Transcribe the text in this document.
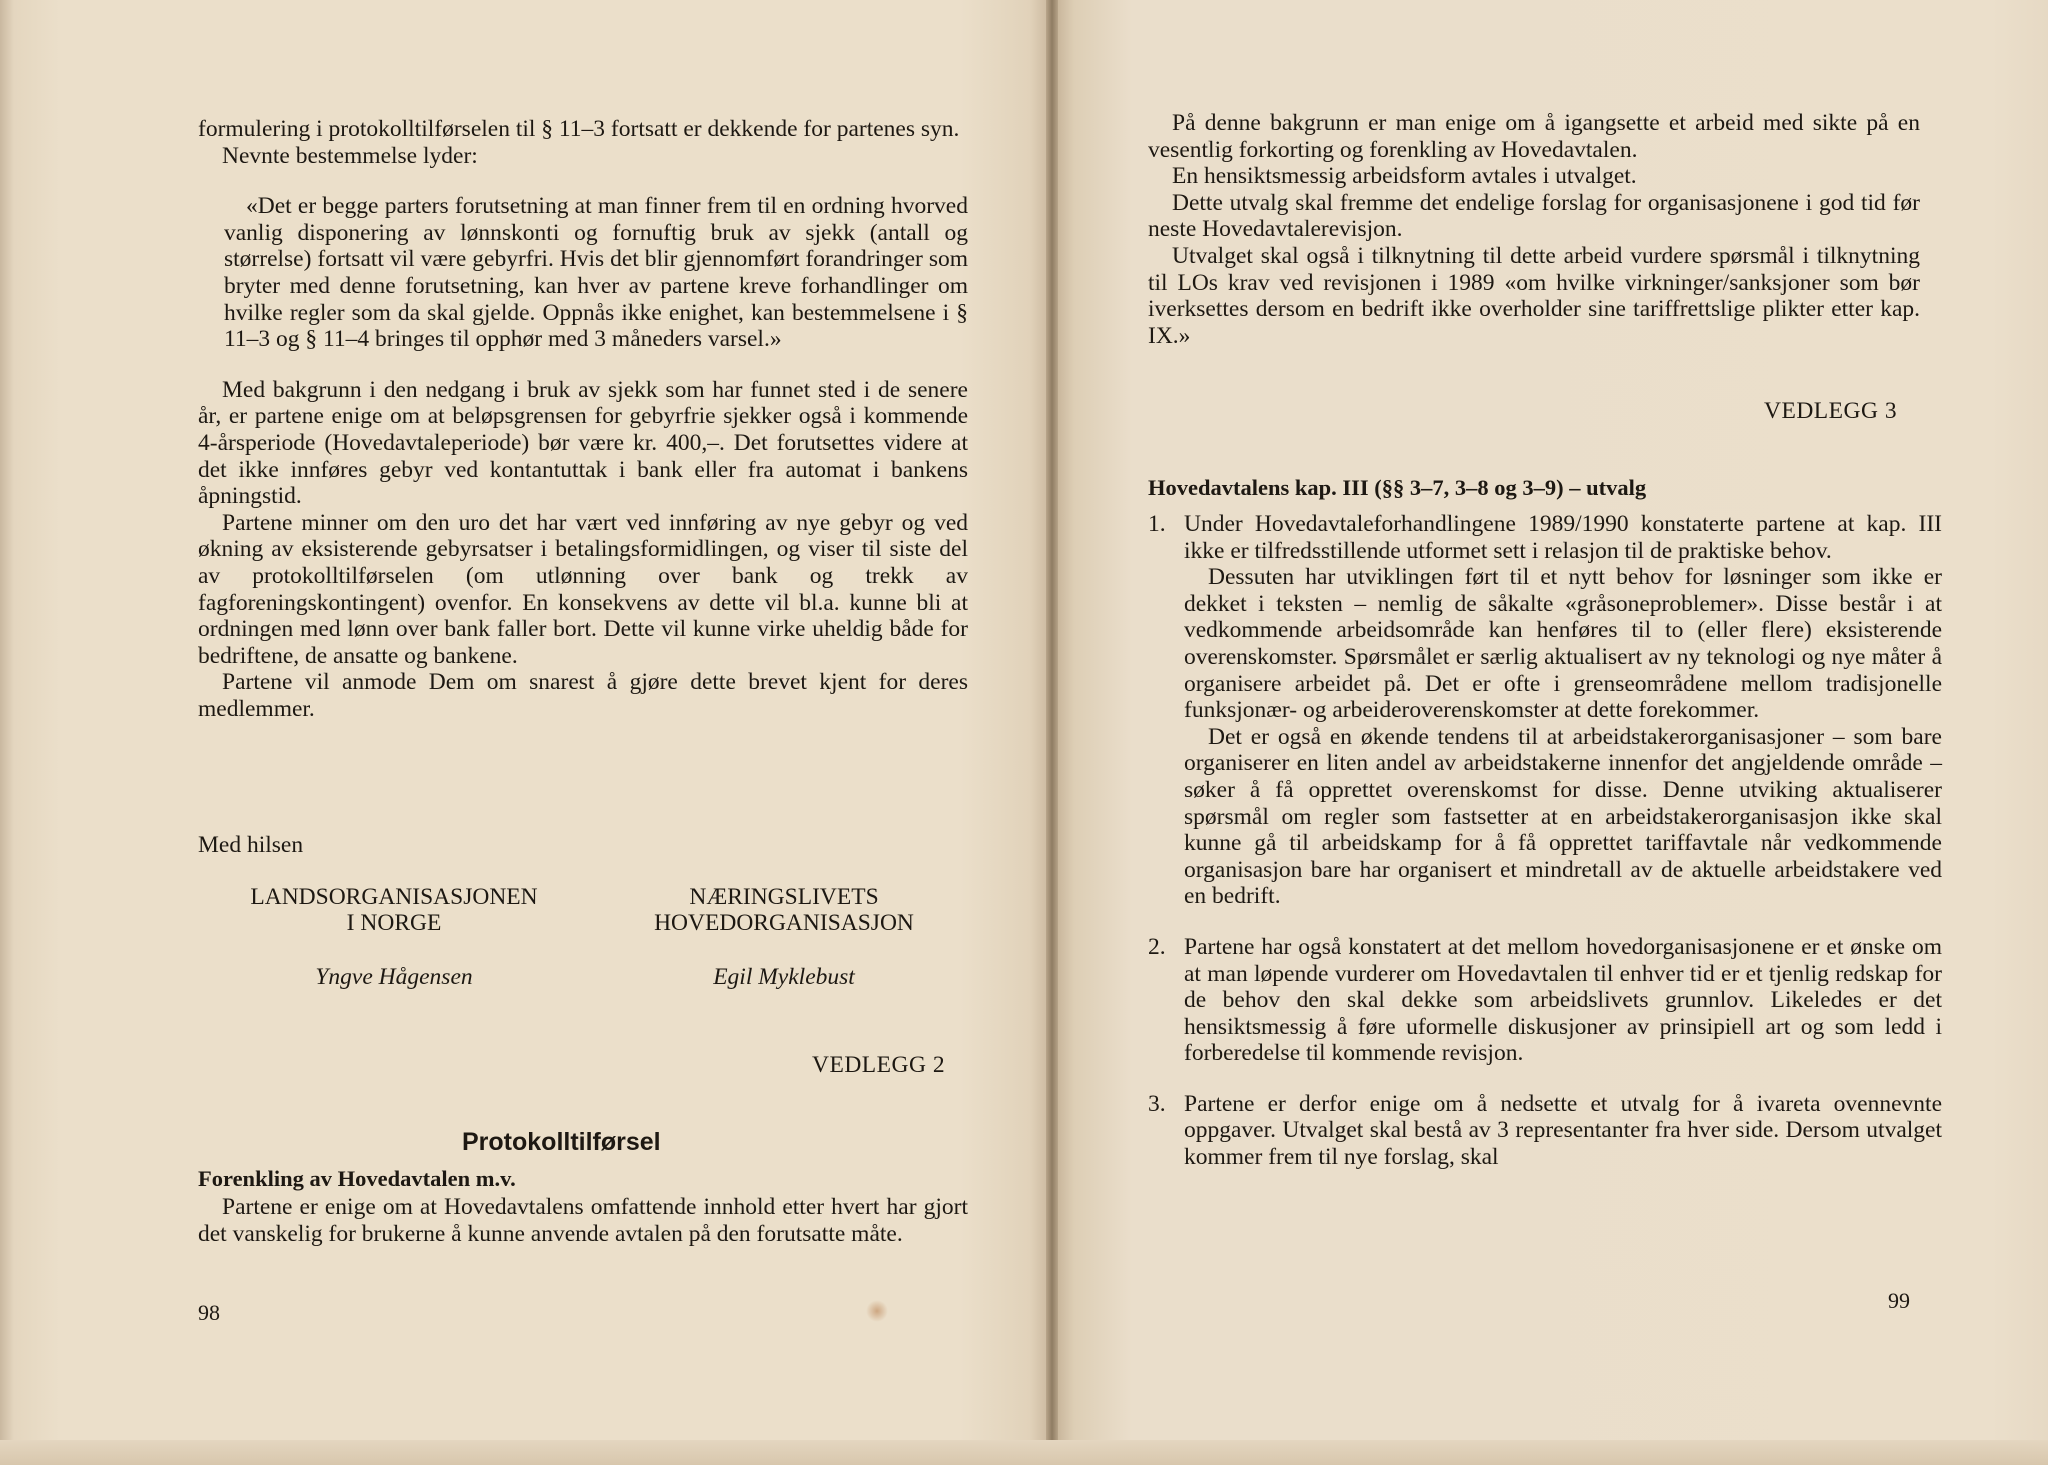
formulering i protokolltilførselen til § 11–3 fortsatt er dekkende for partenes syn.

Nevnte bestemmelse lyder:

«Det er begge parters forutsetning at man finner frem til en ordning hvorved vanlig disponering av lønnskonti og fornuftig bruk av sjekk (antall og størrelse) fortsatt vil være gebyrfri. Hvis det blir gjennomført forandringer som bryter med denne forutsetning, kan hver av partene kreve forhandlinger om hvilke regler som da skal gjelde. Oppnås ikke enighet, kan bestemmelsene i § 11–3 og § 11–4 bringes til opphør med 3 måneders varsel.»

Med bakgrunn i den nedgang i bruk av sjekk som har funnet sted i de senere år, er partene enige om at beløpsgrensen for gebyrfrie sjekker også i kommende 4-årsperiode (Hovedavtaleperiode) bør være kr. 400,–. Det forutsettes videre at det ikke innføres gebyr ved kontantuttak i bank eller fra automat i bankens åpningstid.

Partene minner om den uro det har vært ved innføring av nye gebyr og ved økning av eksisterende gebyrsatser i betalingsformidlingen, og viser til siste del av protokolltilførselen (om utlønning over bank og trekk av fagforeningskontingent) ovenfor. En konsekvens av dette vil bl.a. kunne bli at ordningen med lønn over bank faller bort. Dette vil kunne virke uheldig både for bedriftene, de ansatte og bankene.

Partene vil anmode Dem om snarest å gjøre dette brevet kjent for deres medlemmer.

Med hilsen

LANDSORGANISASJONEN
I NORGE
Yngve Hågensen
NÆRINGSLIVETS
HOVEDORGANISASJON
Egil Myklebust
VEDLEGG 2
Protokolltilførsel
Forenkling av Hovedavtalen m.v.

Partene er enige om at Hovedavtalens omfattende innhold etter hvert har gjort det vanskelig for brukerne å kunne anvende avtalen på den forutsatte måte.

98

På denne bakgrunn er man enige om å igangsette et arbeid med sikte på en vesentlig forkorting og forenkling av Hovedavtalen.

En hensiktsmessig arbeidsform avtales i utvalget.

Dette utvalg skal fremme det endelige forslag for organisasjonene i god tid før neste Hovedavtalerevisjon.

Utvalget skal også i tilknytning til dette arbeid vurdere spørsmål i tilknytning til LOs krav ved revisjonen i 1989 «om hvilke virkninger/sanksjoner som bør iverksettes dersom en bedrift ikke overholder sine tariffrettslige plikter etter kap. IX.»

VEDLEGG 3
Hovedavtalens kap. III (§§ 3–7, 3–8 og 3–9) – utvalg
1. Under Hovedavtaleforhandlingene 1989/1990 konstaterte partene at kap. III ikke er tilfredsstillende utformet sett i relasjon til de praktiske behov.

Dessuten har utviklingen ført til et nytt behov for løsninger som ikke er dekket i teksten – nemlig de såkalte «gråsoneproblemer». Disse består i at vedkommende arbeidsområde kan henføres til to (eller flere) eksisterende overenskomster. Spørsmålet er særlig aktualisert av ny teknologi og nye måter å organisere arbeidet på. Det er ofte i grenseområdene mellom tradisjonelle funksjonær- og arbeideroverenskomster at dette forekommer.

Det er også en økende tendens til at arbeidstakerorganisasjoner – som bare organiserer en liten andel av arbeidstakerne innenfor det angjeldende område – søker å få opprettet overenskomst for disse. Denne utviking aktualiserer spørsmål om regler som fastsetter at en arbeidstakerorganisasjon ikke skal kunne gå til arbeidskamp for å få opprettet tariffavtale når vedkommende organisasjon bare har organisert et mindretall av de aktuelle arbeidstakere ved en bedrift.

2. Partene har også konstatert at det mellom hovedorganisasjonene er et ønske om at man løpende vurderer om Hovedavtalen til enhver tid er et tjenlig redskap for de behov den skal dekke som arbeidslivets grunnlov. Likeledes er det hensiktsmessig å føre uformelle diskusjoner av prinsipiell art og som ledd i forberedelse til kommende revisjon.

3. Partene er derfor enige om å nedsette et utvalg for å ivareta ovennevnte oppgaver. Utvalget skal bestå av 3 representanter fra hver side. Dersom utvalget kommer frem til nye forslag, skal

99
